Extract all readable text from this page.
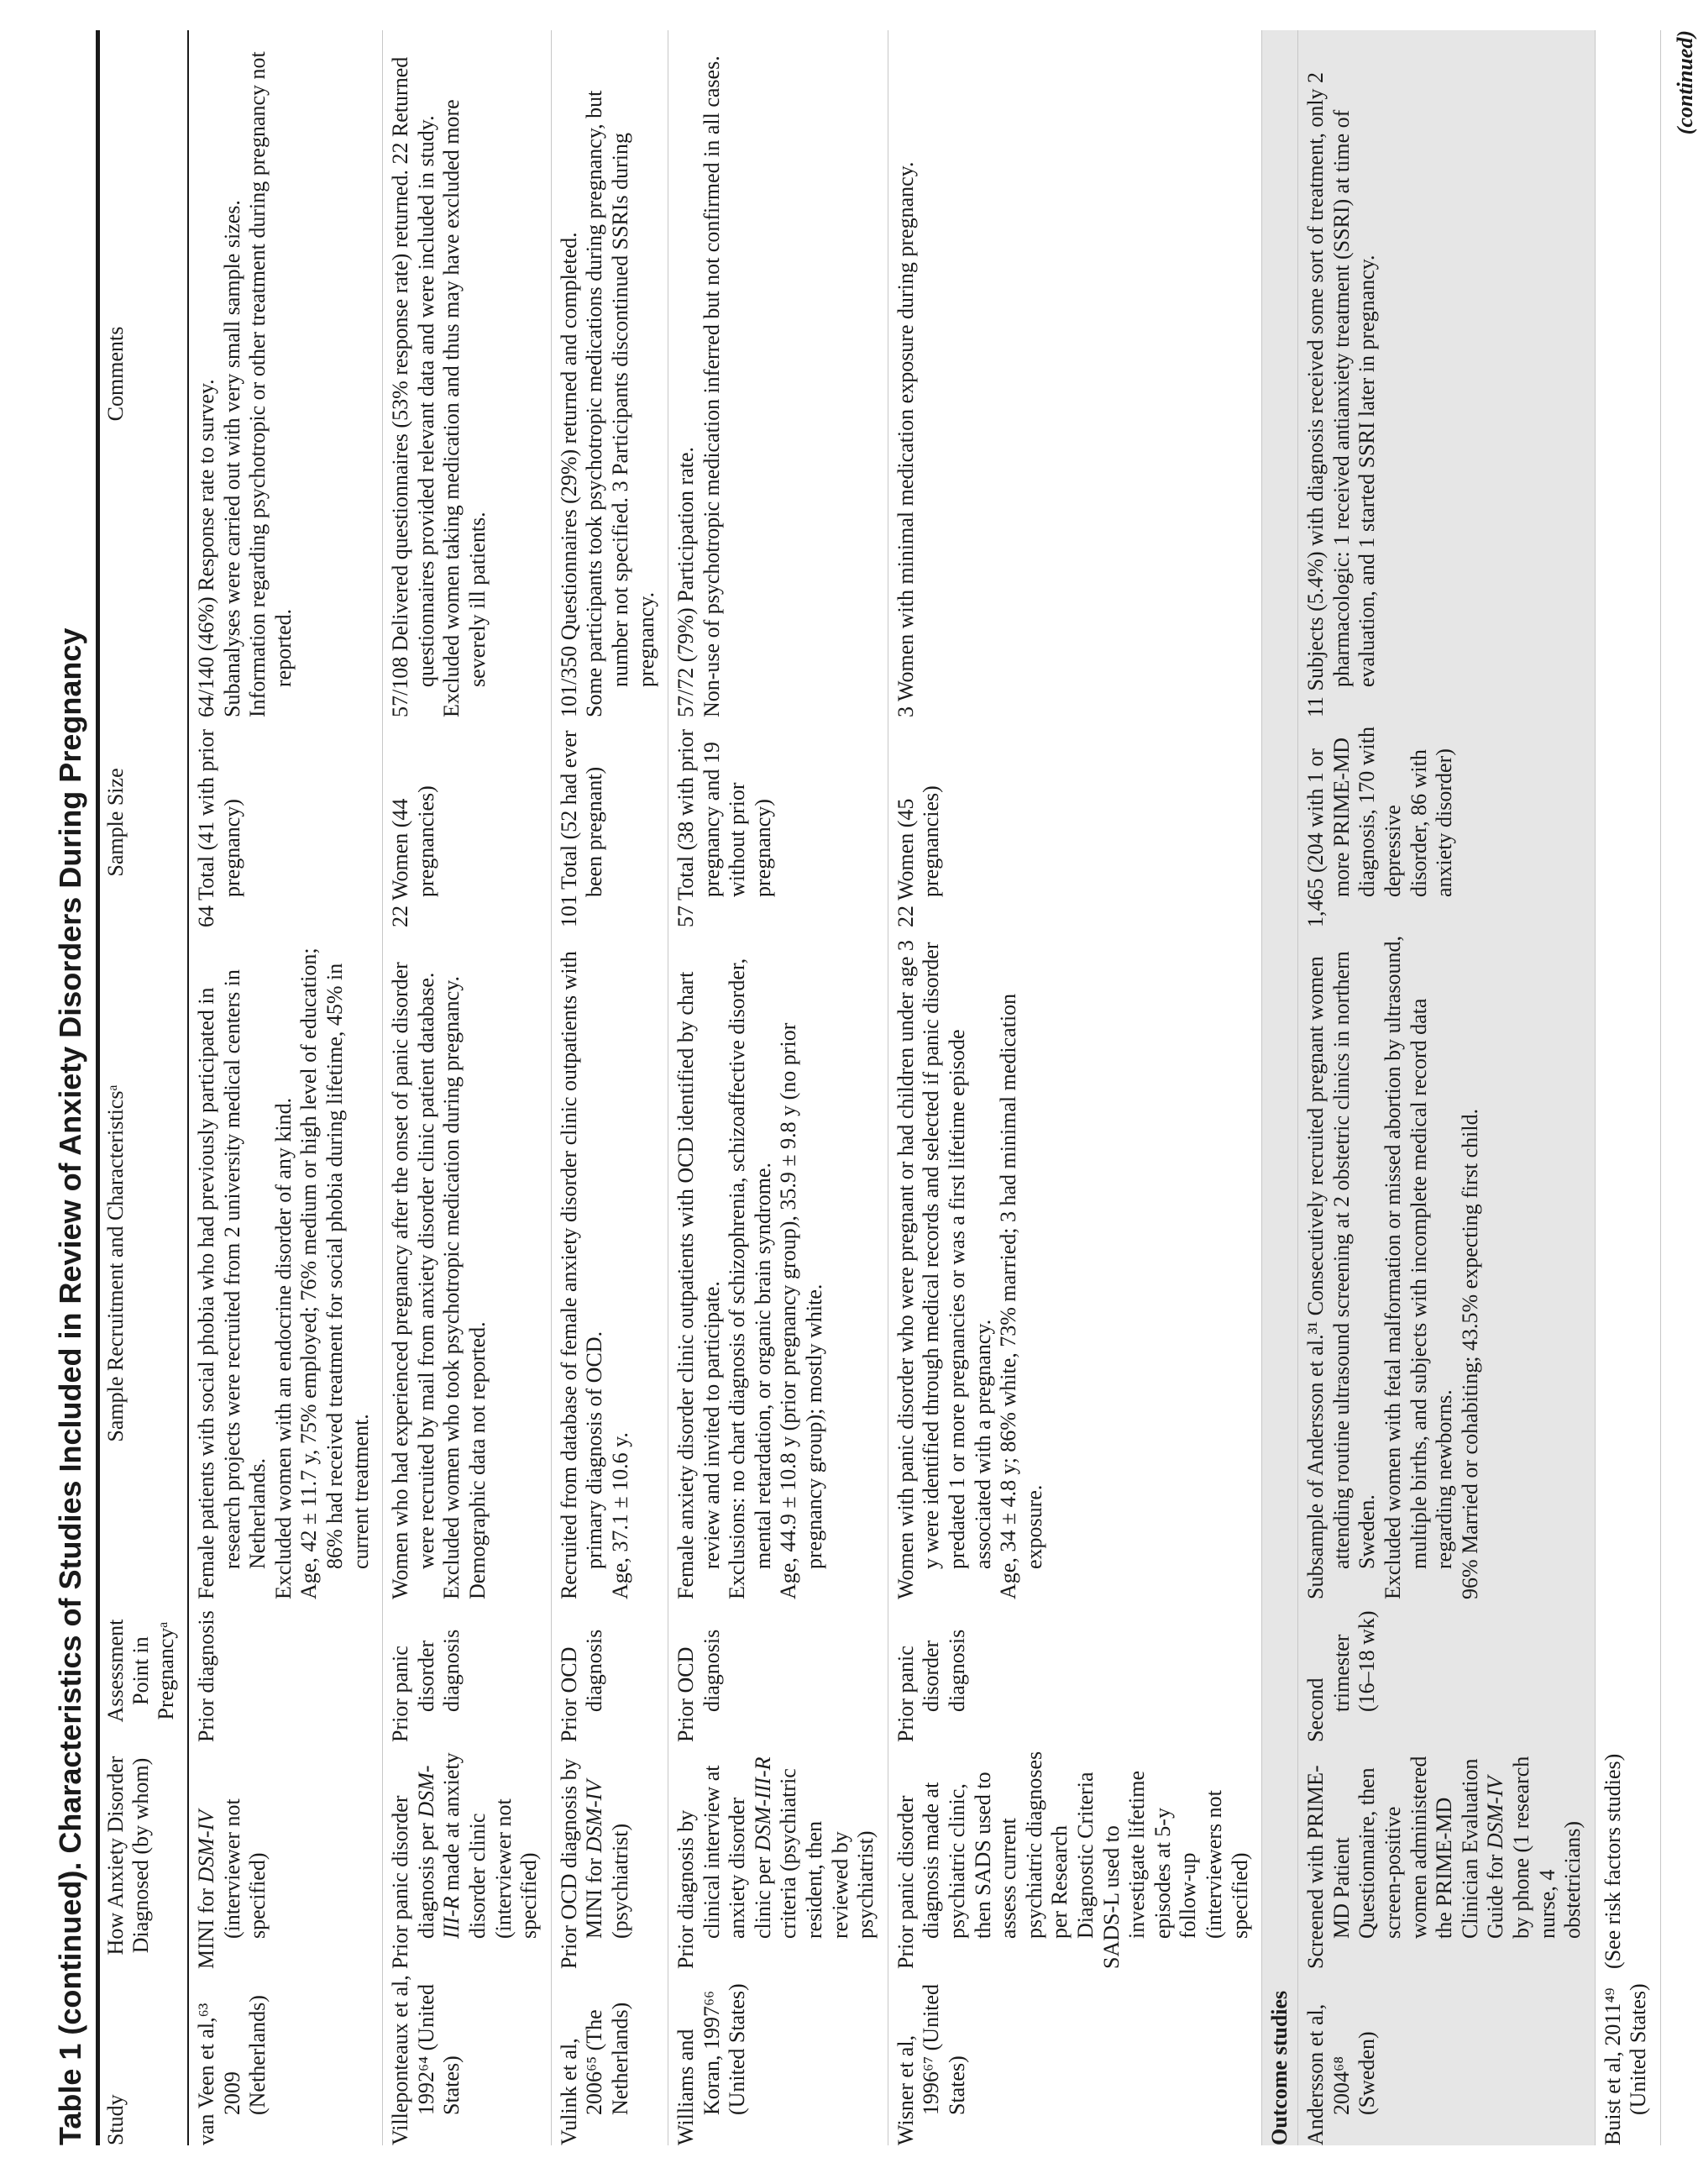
Table 1 (continued). Characteristics of Studies Included in Review of Anxiety Disorders During Pregnancy Study
How Anxiety Disorder Diagnosed (by whom)
Assessment Point in Pregnancyᵃ
Sample Recruitment and Characteristicsᵃ
Sample Size
Comments
van Veen et al,⁶³ 2009 (Netherlands)
MINI for DSM-IV (interviewer not specified)
Prior diagnosis
Female patients with social phobia who had previously participated in research projects were recruited from 2 university medical centers in Netherlands. Excluded women with an endocrine disorder of any kind. Age, 42 ± 11.7 y, 75% employed; 76% medium or high level of education; 86% had received treatment for social phobia during lifetime, 45% in current treatment.
64 Total (41 with prior pregnancy)
64/140 (46%) Response rate to survey. Subanalyses were carried out with very small sample sizes. Information regarding psychotropic or other treatment during pregnancy not reported.
Villeponteaux et al, 1992⁶⁴ (United States)
Prior panic disorder diagnosis per DSM-III-R made at anxiety disorder clinic (interviewer not specified)
Prior panic disorder diagnosis
Women who had experienced pregnancy after the onset of panic disorder were recruited by mail from anxiety disorder clinic patient database. Excluded women who took psychotropic medication during pregnancy. Demographic data not reported.
22 Women (44 pregnancies)
57/108 Delivered questionnaires (53% response rate) returned. 22 Returned questionnaires provided relevant data and were included in study. Excluded women taking medication and thus may have excluded more severely ill patients.
Vulink et al, 2006⁶⁵ (The Netherlands)
Prior OCD diagnosis by MINI for DSM-IV (psychiatrist)
Prior OCD diagnosis
Recruited from database of female anxiety disorder clinic outpatients with primary diagnosis of OCD. Age, 37.1 ± 10.6 y.
101 Total (52 had ever been pregnant)
101/350 Questionnaires (29%) returned and completed. Some participants took psychotropic medications during pregnancy, but number not specified. 3 Participants discontinued SSRIs during pregnancy.
Williams and Koran, 1997⁶⁶ (United States)
Prior diagnosis by clinical interview at anxiety disorder clinic per DSM-III-R criteria (psychiatric resident, then reviewed by psychiatrist)
Prior OCD diagnosis
Female anxiety disorder clinic outpatients with OCD identified by chart review and invited to participate. Exclusions: no chart diagnosis of schizophrenia, schizoaffective disorder, mental retardation, or organic brain syndrome. Age, 44.9 ± 10.8 y (prior pregnancy group), 35.9 ± 9.8 y (no prior pregnancy group); mostly white.
57 Total (38 with prior pregnancy and 19 without prior pregnancy)
57/72 (79%) Participation rate. Non-use of psychotropic medication inferred but not confirmed in all cases.
Wisner et al, 1996⁶⁷ (United States)
Prior panic disorder diagnosis made at psychiatric clinic, then SADS used to assess current psychiatric diagnoses per Research Diagnostic Criteria SADS-L used to investigate lifetime episodes at 5-y follow-up (interviewers not specified)
Prior panic disorder diagnosis
Women with panic disorder who were pregnant or had children under age 3 y were identified through medical records and selected if panic disorder predated 1 or more pregnancies or was a first lifetime episode associated with a pregnancy. Age, 34 ± 4.8 y; 86% white, 73% married; 3 had minimal medication exposure.
22 Women (45 pregnancies)
3 Women with minimal medication exposure during pregnancy.
Outcome studies Andersson et al, 2004⁶⁸ (Sweden)
Screened with PRIME-MD Patient Questionnaire, then screen-positive women administered the PRIME-MD Clinician Evaluation Guide for DSM-IV by phone (1 research nurse, 4 obstetricians)
Second trimester (16–18 wk)
Subsample of Andersson et al.³¹ Consecutively recruited pregnant women attending routine ultrasound screening at 2 obstetric clinics in northern Sweden. Excluded women with fetal malformation or missed abortion by ultrasound, multiple births, and subjects with incomplete medical record data regarding newborns. 96% Married or cohabiting; 43.5% expecting first child.
1,465 (204 with 1 or more PRIME-MD diagnosis, 170 with depressive disorder, 86 with anxiety disorder)
11 Subjects (5.4%) with diagnosis received some sort of treatment, only 2 pharmacologic: 1 received antianxiety treatment (SSRI) at time of evaluation, and 1 started SSRI later in pregnancy.
Buist et al, 2011⁴⁹ (United States)
(See risk factors studies)
(continued)
